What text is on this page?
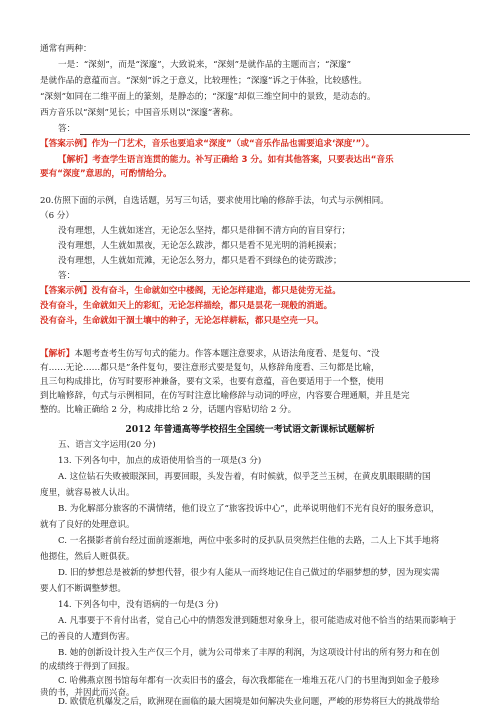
通常有两种：
一是：“深刻”，而是“深邃”，大致说来，“深刻”是就作品的主题而言；“深邃”
是就作品的意蕴而言。“深刻”诉之于意义，比较理性；“深邃”诉之于体验，比较感性。
“深刻”如同在二维平面上的篆刻，是静态的；“深邃”却似三维空间中的景致，是动态的。
西方音乐以“深刻”见长；中国音乐则以“深邃”著称。
答：
【答案示例】作为一门艺术，音乐也要追求“深度”（或“音乐作品也需要追求‘深度’”）。
【解析】考查学生语言连贯的能力。补写正确给 3 分。如有其他答案，只要表达出“音乐
要有“深度”意思的，可酌情给分。
20.仿照下面的示例，自选话题，另写三句话，要求使用比喻的修辞手法，句式与示例相同。
（6 分）
没有理想，人生就如迷宫，无论怎么坚持，都只是徘徊不清方向的盲目穿行；
没有理想，人生就如黑夜，无论怎么跋涉，都只是看不见光明的消耗摸索；
没有理想，人生就如荒滩，无论怎么努力，都只是看不到绿色的徒劳跋涉；
答：
【答案示例】没有奋斗，生命就如空中楼阁，无论怎样建造，都只是徒劳无益。
没有奋斗，生命就如天上的彩虹，无论怎样描绘，都只是昙花一现般的消逝。
没有奋斗，生命就如干涸土壤中的种子，无论怎样耕耘，都只是空壳一只。
【解析】本题考查考生仿写句式的能力。作答本题注意要求，从语法角度看、是复句、“没
有……无论……都只是”条件复句，要注意形式要是复句，从修辞角度看、三句都是比喻，
且三句构成排比，仿写时要形神兼备，要有文采，也要有意蕴，音色要适用于一个整，使用
到比喻修辞，句式与示例相同，在仿写时注意比喻修辞与动词的呼应，内容要合理通顺，并且是完
整的。比喻正确给 2 分，构成排比给 2 分，话题内容贴切给 2 分。
2012 年普通高等学校招生全国统一考试语文新课标试题解析
五、语言文字运用(20 分)
13. 下列各句中，加点的成语使用恰当的一项是(3 分)
A. 这位钻石失败被眼深回，再要回眼，头发告着，有时候就，似乎芝兰玉树，在黄皮肌眼眼睛的国
度里，就容易被人认出。
B. 为化解部分旅客的不满情绪，他们设立了“旅客投诉中心”，此举说明他们不光有良好的服务意识，
就有了良好的处理意识。
C. 一名摄影者前台经过面前逐渐地，两位中张多时的反扒队员突然拦住他的去路，二人上下其手地将
他摁住，然后人赃俱获。
D. 旧的梦想总是被新的梦想代替，很少有人能从一而终地记住自己做过的华丽梦想的梦，因为现实需
要人们不断调整梦想。
14. 下列各句中，没有语病的一句是(3 分)
A. 凡事要于不肯付出者，觉自己心中的情怨发泄到随想对象身上，很可能造成对他不恰当的结果而影响于
己的善良的人遭到伤害。
B. 她的创新设计投入生产仅三个月，就为公司带来了丰厚的利润，为这项设计付出的所有努力和在创
的成绩终于得到了回报。
C. 哈佛燕京图书馆每年都有一次卖旧书的盛会，每次我都能在一堆堆五花八门的书里淘到如金子般珍
贵的书，并因此而兴奋。
D. 欧债危机爆发之后，欧洲现在面临的最大困境是如何解决失业问题，严峻的形势将巨大的挑战带给
